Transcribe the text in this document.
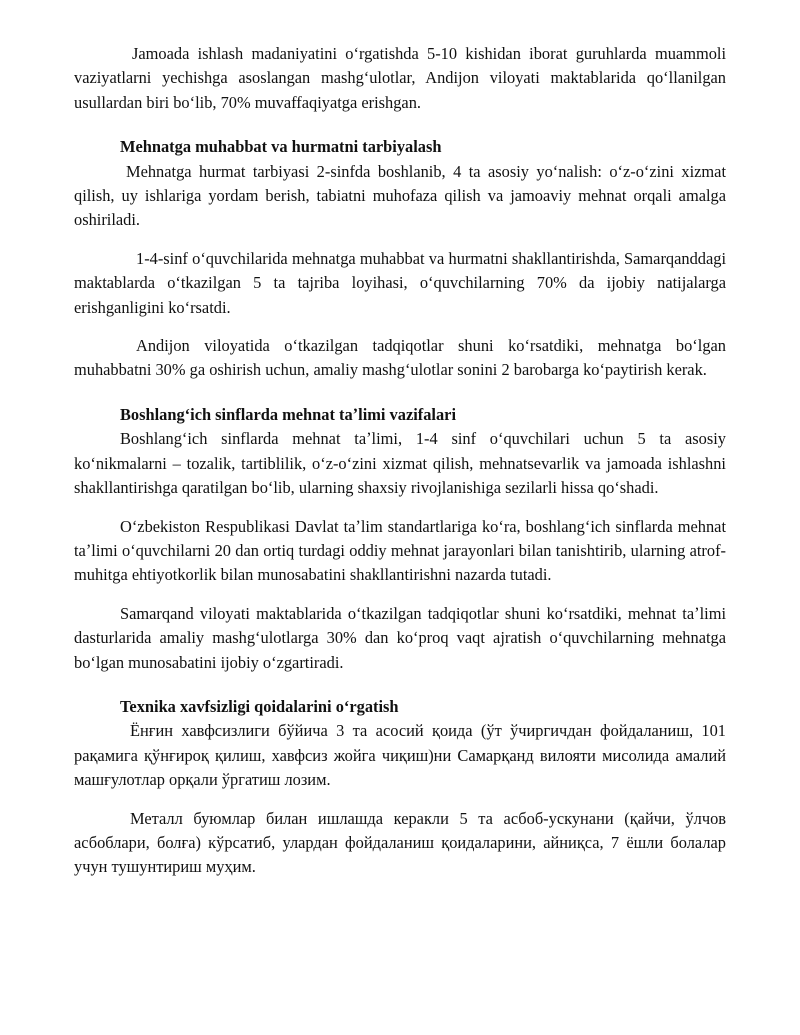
Jamoada ishlash madaniyatini oʻrgatishda 5-10 kishidan iborat guruhlarda muammoli vaziyatlarni yechishga asoslangan mashgʻulotlar, Andijon viloyati maktablarida qoʻllanilgan usullardan biri boʻlib, 70% muvaffaqiyatga erishgan.

Mehnatga muhabbat va hurmatni tarbiyalash

Mehnatga hurmat tarbiyasi 2-sinfda boshlanib, 4 ta asosiy yoʻnalish: oʻz-oʻzini xizmat qilish, uy ishlariga yordam berish, tabiatni muhofaza qilish va jamoaviy mehnat orqali amalga oshiriladi.

1-4-sinf oʻquvchilarida mehnatga muhabbat va hurmatni shakllantirishda, Samarqanddagi maktablarda oʻtkazilgan 5 ta tajriba loyihasi, oʻquvchilarning 70% da ijobiy natijalarga erishganligini koʻrsatdi.

Andijon viloyatida oʻtkazilgan tadqiqotlar shuni koʻrsatdiki, mehnatga boʻlgan muhabbatni 30% ga oshirish uchun, amaliy mashgʻulotlar sonini 2 barobarga koʻpaytirish kerak.

Boshlangʻich sinflarda mehnat taʼlimi vazifalari

Boshlangʻich sinflarda mehnat taʼlimi, 1-4 sinf oʻquvchilari uchun 5 ta asosiy koʻnikmalarni – tozalik, tartiblilik, oʻz-oʻzini xizmat qilish, mehnatsevarlik va jamoada ishlashni shakllantirishga qaratilgan boʻlib, ularning shaxsiy rivojlanishiga sezilarli hissa qoʻshadi.

Oʻzbekiston Respublikasi Davlat taʼlim standartlariga koʻra, boshlangʻich sinflarda mehnat taʼlimi oʻquvchilarni 20 dan ortiq turdagi oddiy mehnat jarayonlari bilan tanishtirib, ularning atrof-muhitga ehtiyotkorlik bilan munosabatini shakllantirishni nazarda tutadi.

Samarqand viloyati maktablarida oʻtkazilgan tadqiqotlar shuni koʻrsatdiki, mehnat taʼlimi dasturlarida amaliy mashgʻulotlarga 30% dan koʻproq vaqt ajratish oʻquvchilarning mehnatga boʻlgan munosabatini ijobiy oʻzgartiradi.

Texnika xavfsizligi qoidalarini oʻrgatish

Ёнғин хавфсизлиги бўйича 3 та асосий қоида (ўт ўчиргичдан фойдаланиш, 101 рақамига қўнғироқ қилиш, хавфсиз жойга чиқиш)ни Самарқанд вилояти мисолида амалий машғулотлар орқали ўргатиш лозим.

Металл буюмлар билан ишлашда керакли 5 та асбоб-ускунани (қайчи, ўлчов асбоблари, болға) кўрсатиб, улардан фойдаланиш қоидаларини, айниқса, 7 ёшли болалар учун тушунтириш муҳим.
